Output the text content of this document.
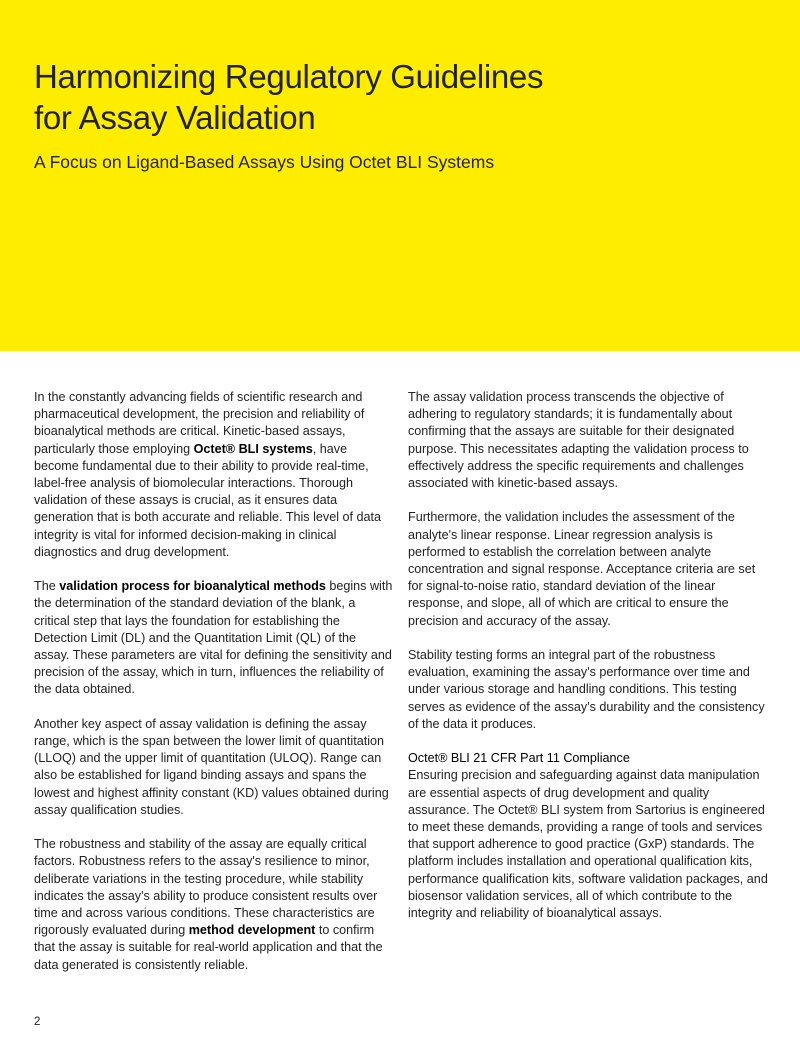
Harmonizing Regulatory Guidelines
for Assay Validation
A Focus on Ligand-Based Assays Using Octet BLI Systems

In the constantly advancing fields of scientific research and pharmaceutical development, the precision and reliability of bioanalytical methods are critical. Kinetic-based assays, particularly those employing Octet® BLI systems, have become fundamental due to their ability to provide real-time, label-free analysis of biomolecular interactions. Thorough validation of these assays is crucial, as it ensures data generation that is both accurate and reliable. This level of data integrity is vital for informed decision-making in clinical diagnostics and drug development.

The validation process for bioanalytical methods begins with the determination of the standard deviation of the blank, a critical step that lays the foundation for establishing the Detection Limit (DL) and the Quantitation Limit (QL) of the assay. These parameters are vital for defining the sensitivity and precision of the assay, which in turn, influences the reliability of the data obtained.

Another key aspect of assay validation is defining the assay range, which is the span between the lower limit of quantitation (LLOQ) and the upper limit of quantitation (ULOQ). Range can also be established for ligand binding assays and spans the lowest and highest affinity constant (KD) values obtained during assay qualification studies.

The robustness and stability of the assay are equally critical factors. Robustness refers to the assay's resilience to minor, deliberate variations in the testing procedure, while stability indicates the assay's ability to produce consistent results over time and across various conditions. These characteristics are rigorously evaluated during method development to confirm that the assay is suitable for real-world application and that the data generated is consistently reliable.

The assay validation process transcends the objective of adhering to regulatory standards; it is fundamentally about confirming that the assays are suitable for their designated purpose. This necessitates adapting the validation process to effectively address the specific requirements and challenges associated with kinetic-based assays.

Furthermore, the validation includes the assessment of the analyte's linear response. Linear regression analysis is performed to establish the correlation between analyte concentration and signal response. Acceptance criteria are set for signal-to-noise ratio, standard deviation of the linear response, and slope, all of which are critical to ensure the precision and accuracy of the assay.

Stability testing forms an integral part of the robustness evaluation, examining the assay's performance over time and under various storage and handling conditions. This testing serves as evidence of the assay's durability and the consistency of the data it produces.

Octet® BLI 21 CFR Part 11 Compliance
Ensuring precision and safeguarding against data manipulation are essential aspects of drug development and quality assurance. The Octet® BLI system from Sartorius is engineered to meet these demands, providing a range of tools and services that support adherence to good practice (GxP) standards. The platform includes installation and operational qualification kits, performance qualification kits, software validation packages, and biosensor validation services, all of which contribute to the integrity and reliability of bioanalytical assays.

2
